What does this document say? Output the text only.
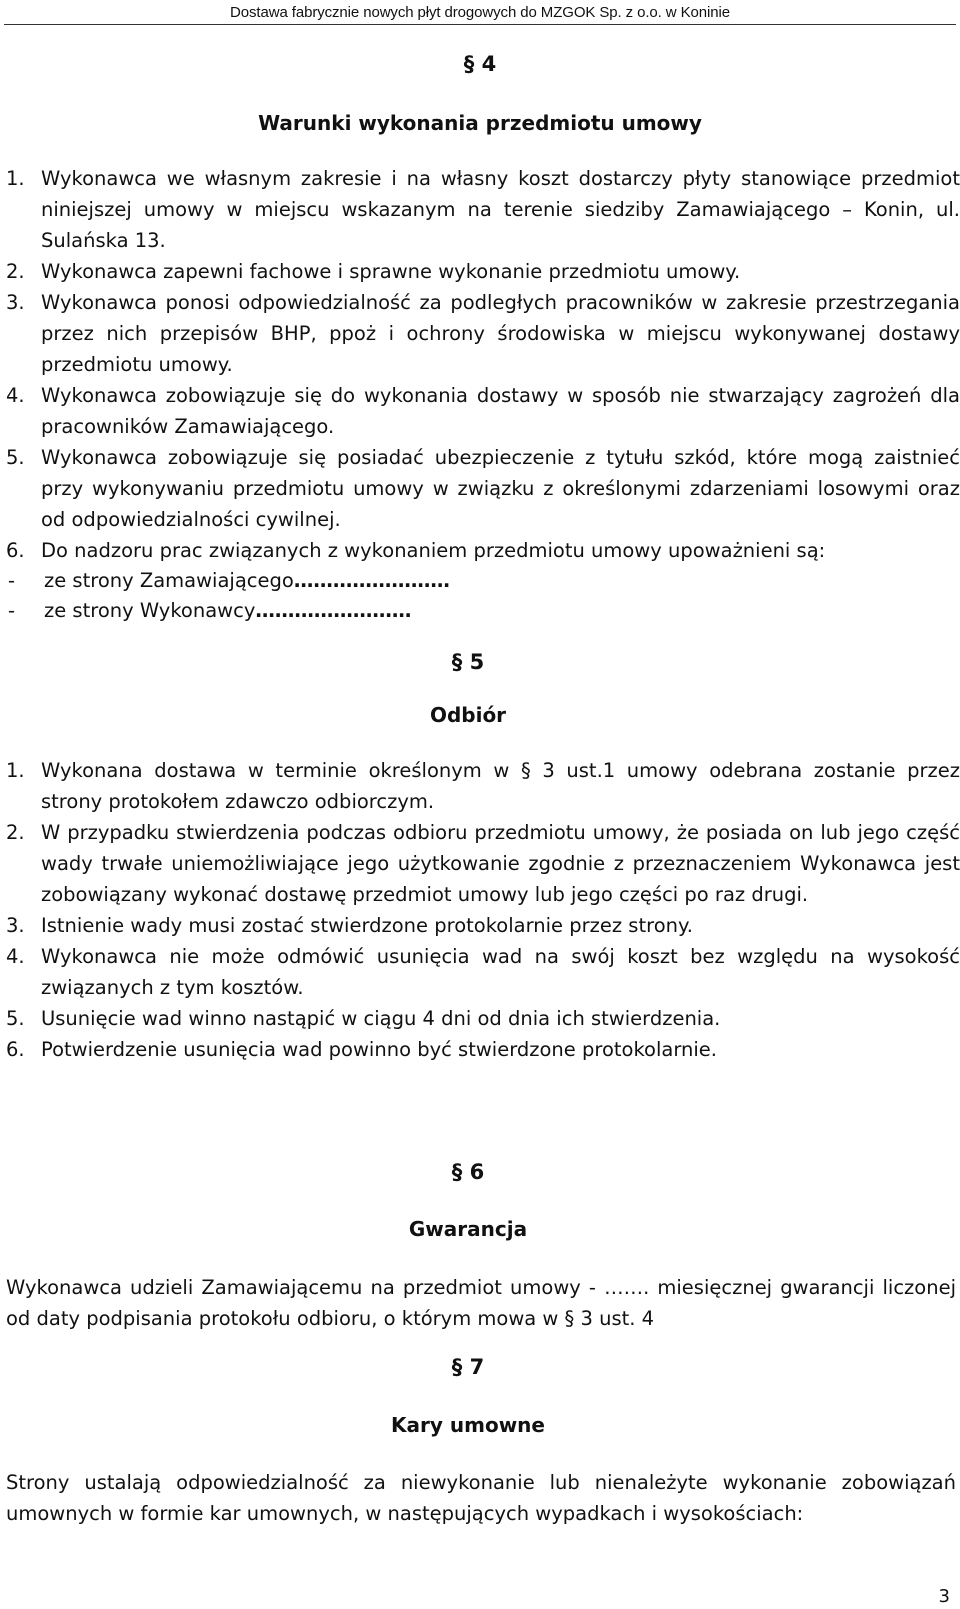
Dostawa fabrycznie nowych płyt drogowych do MZGOK Sp. z o.o. w Koninie
§ 4
Warunki wykonania przedmiotu umowy
1. Wykonawca we własnym zakresie i na własny koszt dostarczy płyty stanowiące przedmiot niniejszej umowy w miejscu wskazanym na terenie siedziby Zamawiającego – Konin, ul. Sulańska 13.
2. Wykonawca zapewni fachowe i sprawne wykonanie przedmiotu umowy.
3. Wykonawca ponosi odpowiedzialność za podległych pracowników w zakresie przestrzegania przez nich przepisów BHP, ppoż i ochrony środowiska w miejscu wykonywanej dostawy przedmiotu umowy.
4. Wykonawca zobowiązuje się do wykonania dostawy w sposób nie stwarzający zagrożeń dla pracowników Zamawiającego.
5. Wykonawca zobowiązuje się posiadać ubezpieczenie z tytułu szkód, które mogą zaistnieć przy wykonywaniu przedmiotu umowy w związku z określonymi zdarzeniami losowymi oraz od odpowiedzialności cywilnej.
6. Do nadzoru prac związanych z wykonaniem przedmiotu umowy upoważnieni są:
-	ze strony Zamawiającego ……………………
-	ze strony Wykonawcy ……………………
§ 5
Odbiór
1. Wykonana dostawa w terminie określonym w § 3 ust.1 umowy odebrana zostanie przez strony protokołem zdawczo odbiorczym.
2. W przypadku stwierdzenia podczas odbioru przedmiotu umowy, że posiada on lub jego część wady trwałe uniemożliwiające jego użytkowanie zgodnie z przeznaczeniem Wykonawca jest zobowiązany wykonać dostawę przedmiot umowy lub jego części po raz drugi.
3. Istnienie wady musi zostać stwierdzone protokolarnie przez strony.
4. Wykonawca nie może odmówić usunięcia wad na swój koszt bez względu na wysokość związanych z tym kosztów.
5. Usunięcie wad winno nastąpić w ciągu 4 dni od dnia ich stwierdzenia.
6. Potwierdzenie usunięcia wad powinno być stwierdzone protokolarnie.
§ 6
Gwarancja
Wykonawca udzieli Zamawiającemu na przedmiot umowy - ……. miesięcznej gwarancji liczonej od daty podpisania protokołu odbioru, o którym mowa w § 3 ust. 4
§ 7
Kary umowne
Strony ustalają odpowiedzialność za niewykonanie lub nienależyte wykonanie zobowiązań umownych w formie kar umownych, w następujących wypadkach i wysokościach:
3
